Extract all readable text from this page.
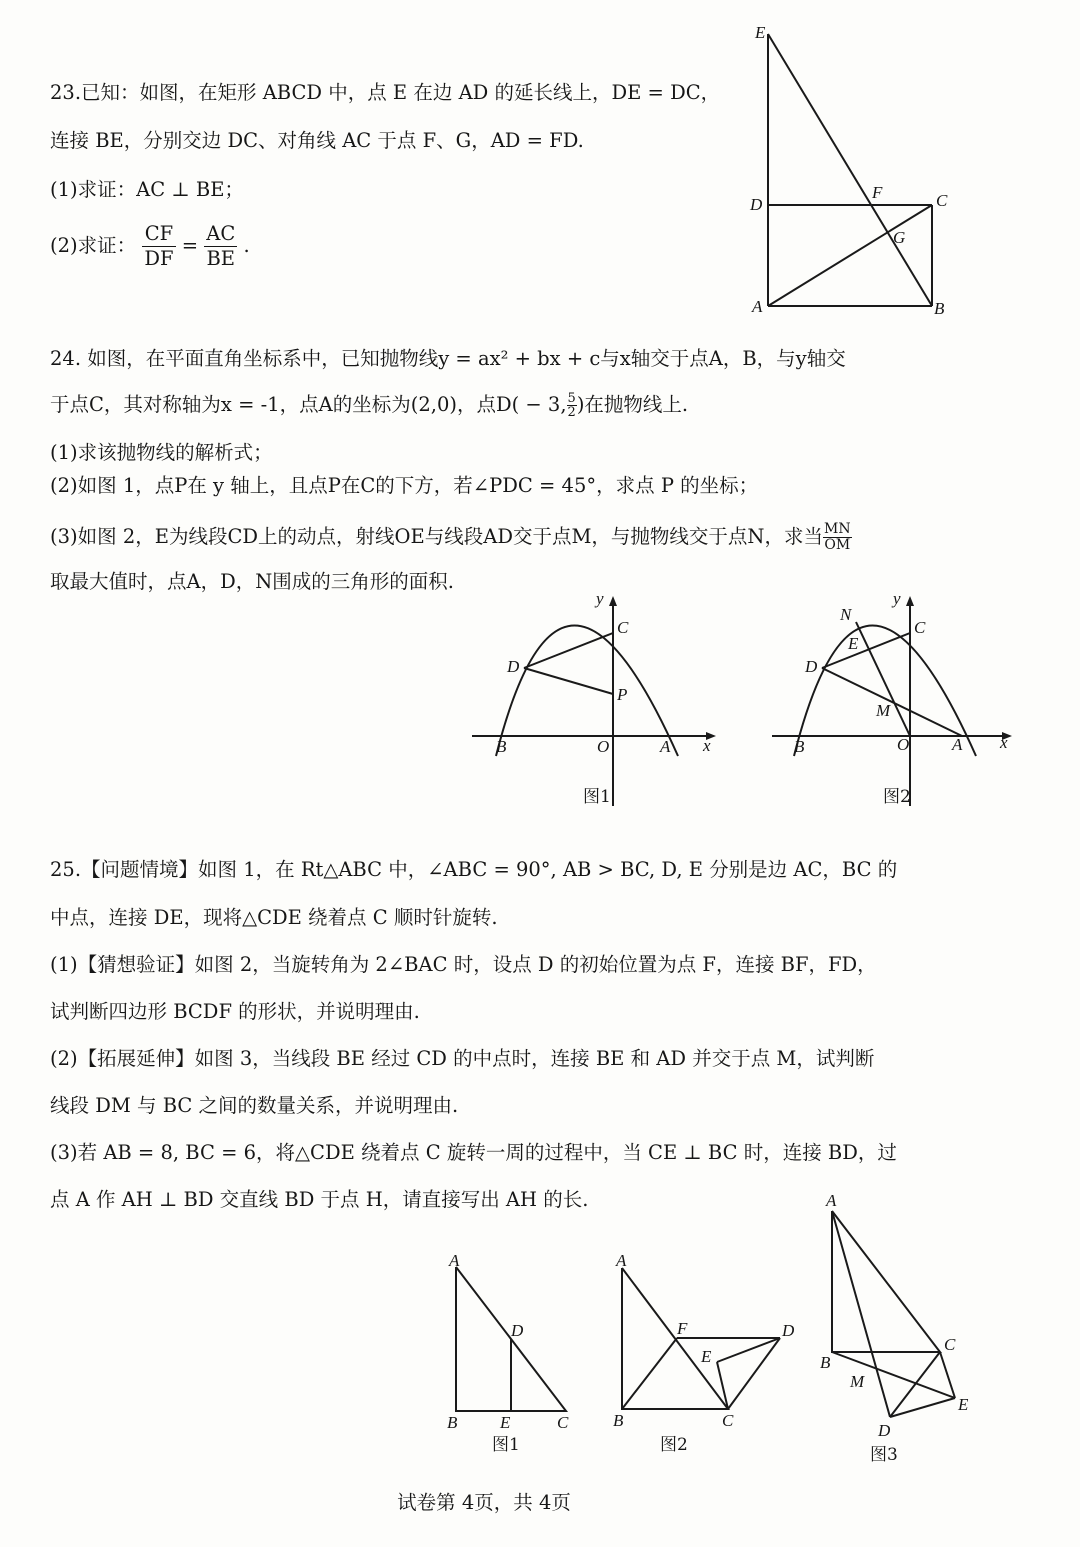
23.已知：如图，在矩形 ABCD 中，点 E 在边 AD 的延长线上，DE = DC，
连接 BE，分别交边 DC、对角线 AC 于点 F、G，AD = FD.
(1)求证：AC ⊥ BE；
(2)求证： $\frac{CF}{DF} = \frac{AC}{BE}$ .
E
D
F	C
G
A	B
24. 如图，在平面直角坐标系中，已知抛物线y = ax² + bx + c与x轴交于点A，B，与y轴交
于点C，其对称轴为x = -1，点A的坐标为(2,0)，点D( − 3, $\frac{5}{2}$ )在抛物线上.
(1)求该抛物线的解析式；
(2)如图 1，点P在 y 轴上，且点P在C的下方，若∠PDC = 45°，求点 P 的坐标；
(3)如图 2，E为线段CD上的动点，射线OE与线段AD交于点M，与抛物线交于点N，求当 $\frac{MN}{OM}$
取最大值时，点A，D，N围成的三角形的面积.
y
x
C
D
P
B	O	A
图1
N
y
C
E
D
M
B	O	A x
图2
25.【问题情境】如图 1，在 Rt△ABC 中，∠ABC = 90°, AB > BC, D, E 分别是边 AC，BC 的
中点，连接 DE，现将△CDE 绕着点 C 顺时针旋转.
(1)【猜想验证】如图 2，当旋转角为 2∠BAC 时，设点 D 的初始位置为点 F，连接 BF，FD，
试判断四边形 BCDF 的形状，并说明理由.
(2)【拓展延伸】如图 3，当线段 BE 经过 CD 的中点时，连接 BE 和 AD 并交于点 M，试判断
线段 DM 与 BC 之间的数量关系，并说明理由.
(3)若 AB = 8, BC = 6，将△CDE 绕着点 C 旋转一周的过程中，当 CE ⊥ BC 时，连接 BD，过
点 A 作 AH ⊥ BD 交直线 BD 于点 H，请直接写出 AH 的长.
A
D
B	E	C
图1
A
F	D
E
B	C
图2
A
C
B
M
E
D
图3
试卷第 4页，共 4页
